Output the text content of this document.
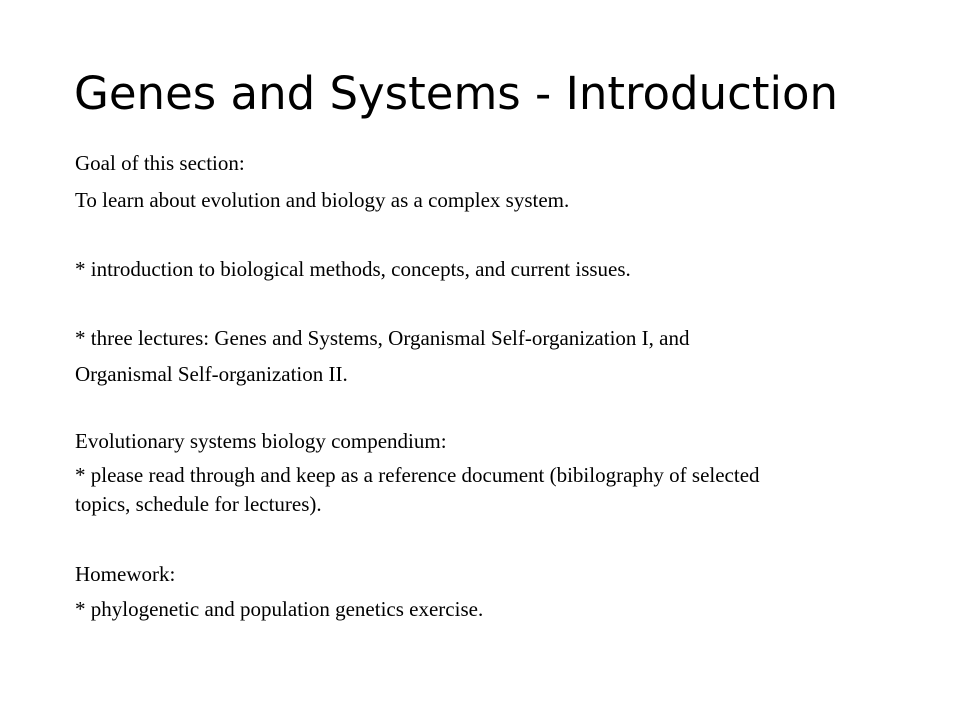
Genes and Systems - Introduction

Goal of this section:

To learn about evolution and biology as a complex system.

* introduction to biological methods, concepts, and current issues.

* three lectures: Genes and Systems, Organismal Self-organization I, and

Organismal Self-organization II.

Evolutionary systems biology compendium:

* please read through and keep as a reference document (bibilography of selected

topics, schedule for lectures).

Homework:

* phylogenetic and population genetics exercise.
